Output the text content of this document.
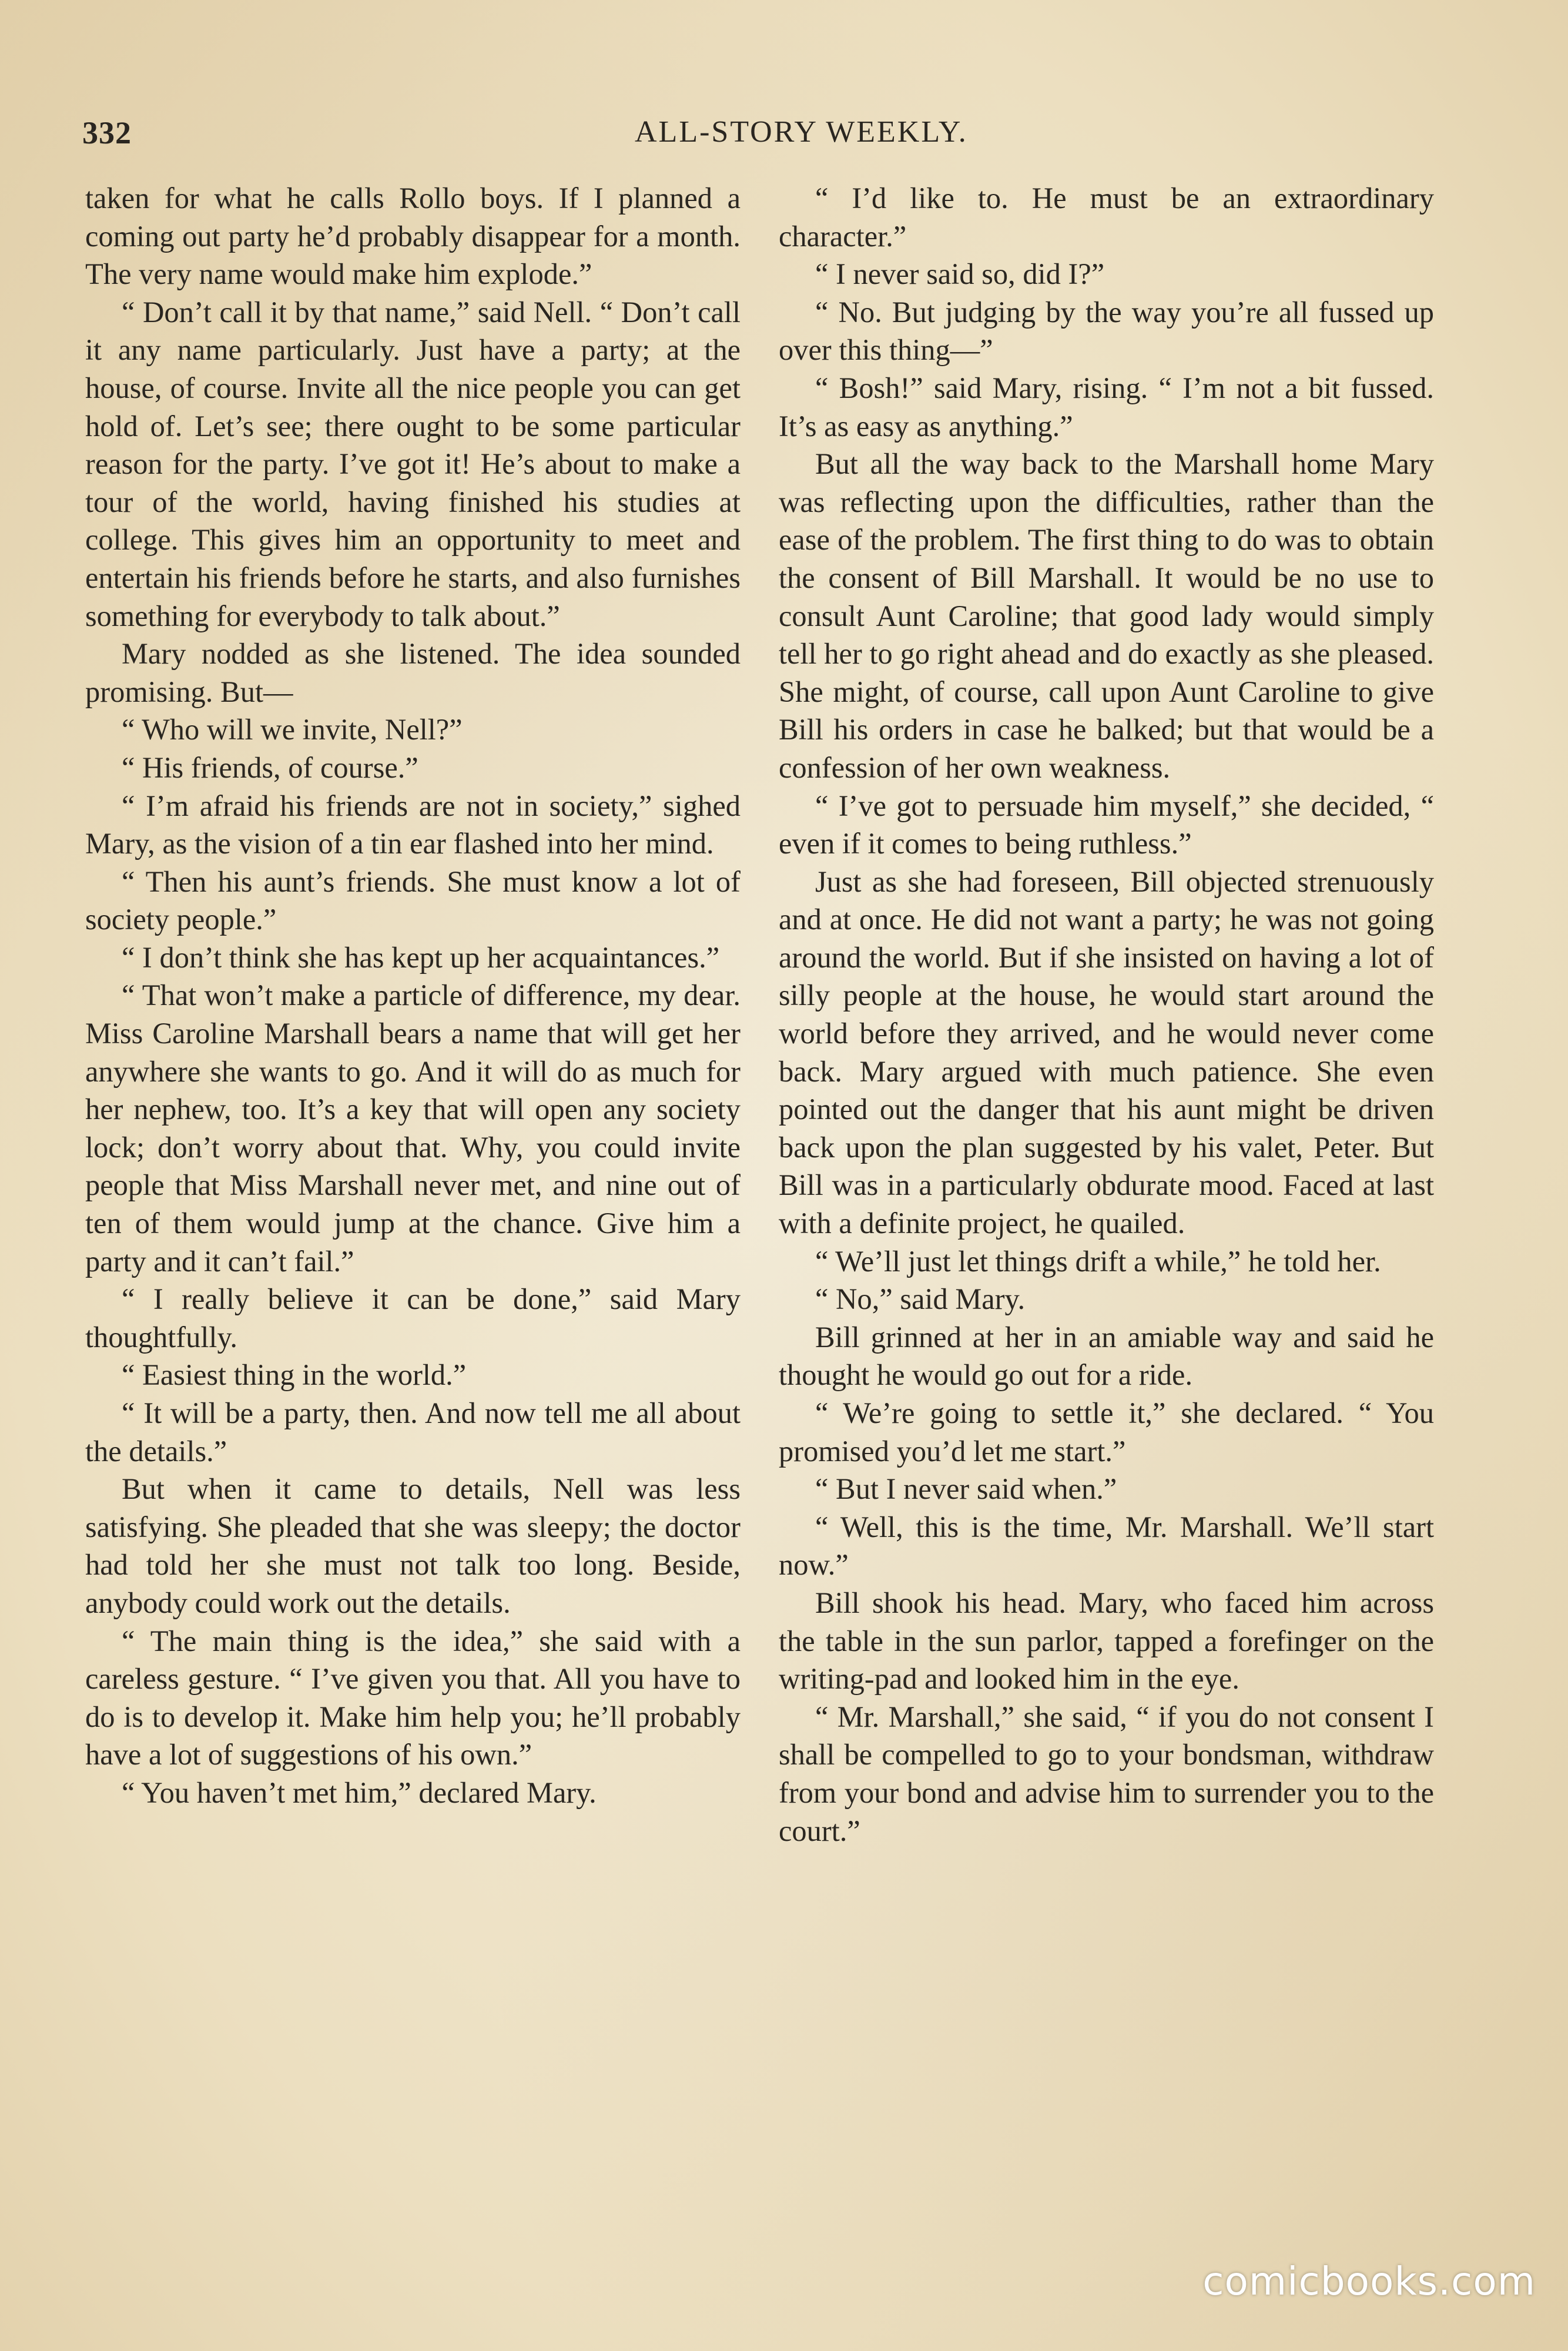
332	ALL-STORY WEEKLY.

taken for what he calls Rollo boys. If I planned a coming out party he’d probably disappear for a month. The very name would make him explode.”

“ Don’t call it by that name,” said Nell. “ Don’t call it any name particularly. Just have a party; at the house, of course. Invite all the nice people you can get hold of. Let’s see; there ought to be some particular reason for the party. I’ve got it! He’s about to make a tour of the world, having finished his studies at college. This gives him an opportunity to meet and entertain his friends before he starts, and also furnishes something for everybody to talk about.”

Mary nodded as she listened. The idea sounded promising. But—

“ Who will we invite, Nell?”

“ His friends, of course.”

“ I’m afraid his friends are not in society,” sighed Mary, as the vision of a tin ear flashed into her mind.

“ Then his aunt’s friends. She must know a lot of society people.”

“ I don’t think she has kept up her acquaintances.”

“ That won’t make a particle of difference, my dear. Miss Caroline Marshall bears a name that will get her anywhere she wants to go. And it will do as much for her nephew, too. It’s a key that will open any society lock; don’t worry about that. Why, you could invite people that Miss Marshall never met, and nine out of ten of them would jump at the chance. Give him a party and it can’t fail.”

“ I really believe it can be done,” said Mary thoughtfully.

“ Easiest thing in the world.”

“ It will be a party, then. And now tell me all about the details.”

But when it came to details, Nell was less satisfying. She pleaded that she was sleepy; the doctor had told her she must not talk too long. Beside, anybody could work out the details.

“ The main thing is the idea,” she said with a careless gesture. “ I’ve given you that. All you have to do is to develop it. Make him help you; he’ll probably have a lot of suggestions of his own.”

“ You haven’t met him,” declared Mary.

“ I’d like to. He must be an extraordinary character.”

“ I never said so, did I?”

“ No. But judging by the way you’re all fussed up over this thing—”

“ Bosh!” said Mary, rising. “ I’m not a bit fussed. It’s as easy as anything.”

But all the way back to the Marshall home Mary was reflecting upon the difficulties, rather than the ease of the problem. The first thing to do was to obtain the consent of Bill Marshall. It would be no use to consult Aunt Caroline; that good lady would simply tell her to go right ahead and do exactly as she pleased. She might, of course, call upon Aunt Caroline to give Bill his orders in case he balked; but that would be a confession of her own weakness.

“ I’ve got to persuade him myself,” she decided, “ even if it comes to being ruthless.”

Just as she had foreseen, Bill objected strenuously and at once. He did not want a party; he was not going around the world. But if she insisted on having a lot of silly people at the house, he would start around the world before they arrived, and he would never come back. Mary argued with much patience. She even pointed out the danger that his aunt might be driven back upon the plan suggested by his valet, Peter. But Bill was in a particularly obdurate mood. Faced at last with a definite project, he quailed.

“ We’ll just let things drift a while,” he told her.

“ No,” said Mary.

Bill grinned at her in an amiable way and said he thought he would go out for a ride.

“ We’re going to settle it,” she declared. “ You promised you’d let me start.”

“ But I never said when.”

“ Well, this is the time, Mr. Marshall. We’ll start now.”

Bill shook his head. Mary, who faced him across the table in the sun parlor, tapped a forefinger on the writing-pad and looked him in the eye.

“ Mr. Marshall,” she said, “ if you do not consent I shall be compelled to go to your bondsman, withdraw from your bond and advise him to surrender you to the court.”

comicbooks.com
